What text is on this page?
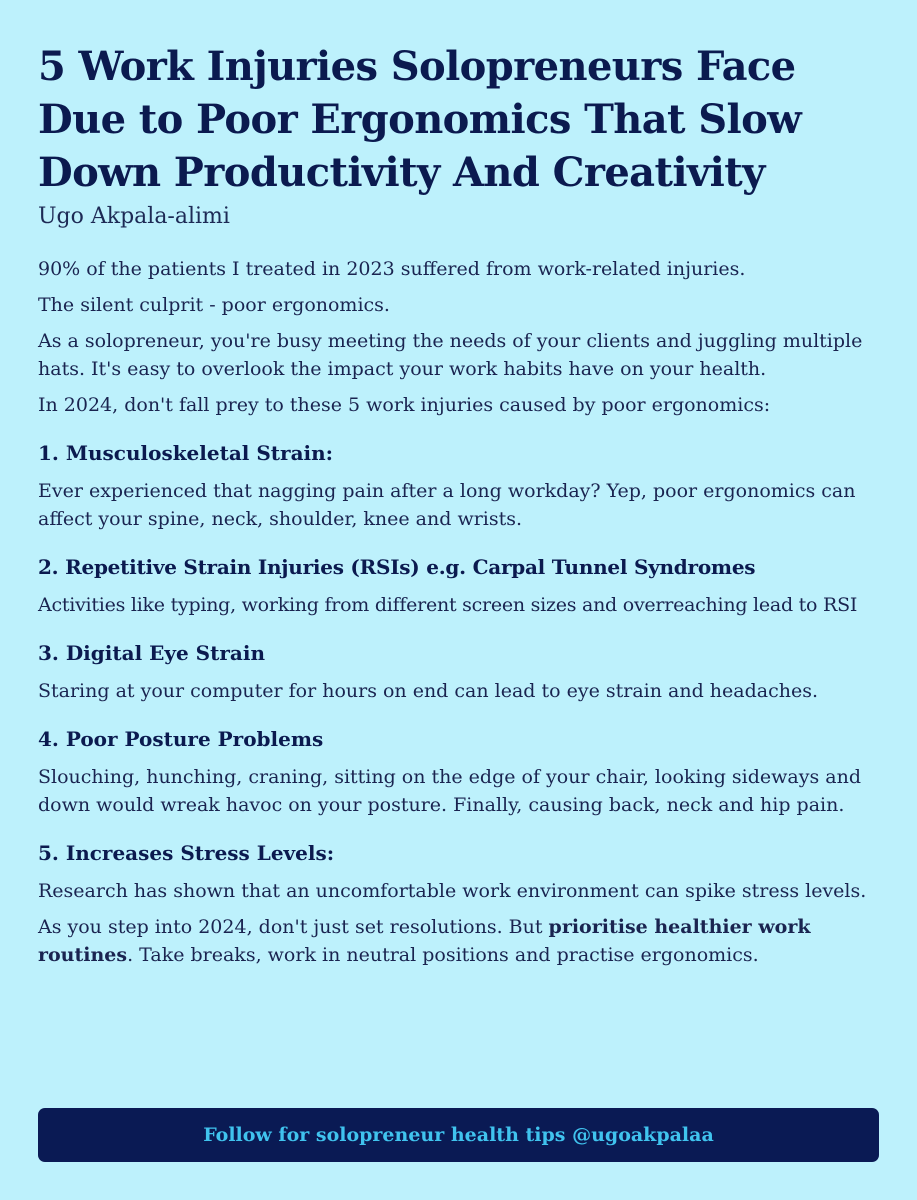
5 Work Injuries Solopreneurs Face Due to Poor Ergonomics That Slow Down Productivity And Creativity
Ugo Akpala-alimi

90% of the patients I treated in 2023 suffered from work-related injuries.

The silent culprit - poor ergonomics.

As a solopreneur, you're busy meeting the needs of your clients and juggling multiple hats. It's easy to overlook the impact your work habits have on your health.

In 2024, don't fall prey to these 5 work injuries caused by poor ergonomics:

1. Musculoskeletal Strain:

Ever experienced that nagging pain after a long workday? Yep, poor ergonomics can affect your spine, neck, shoulder, knee and wrists.

2. Repetitive Strain Injuries (RSIs) e.g. Carpal Tunnel Syndromes

Activities like typing, working from different screen sizes and overreaching lead to RSI

3. Digital Eye Strain

Staring at your computer for hours on end can lead to eye strain and headaches.

4. Poor Posture Problems

Slouching, hunching, craning, sitting on the edge of your chair, looking sideways and down would wreak havoc on your posture. Finally, causing back, neck and hip pain.

5. Increases Stress Levels:

Research has shown that an uncomfortable work environment can spike stress levels.

As you step into 2024, don't just set resolutions. But prioritise healthier work routines. Take breaks, work in neutral positions and practise ergonomics.

Follow for solopreneur health tips @ugoakpalaa
